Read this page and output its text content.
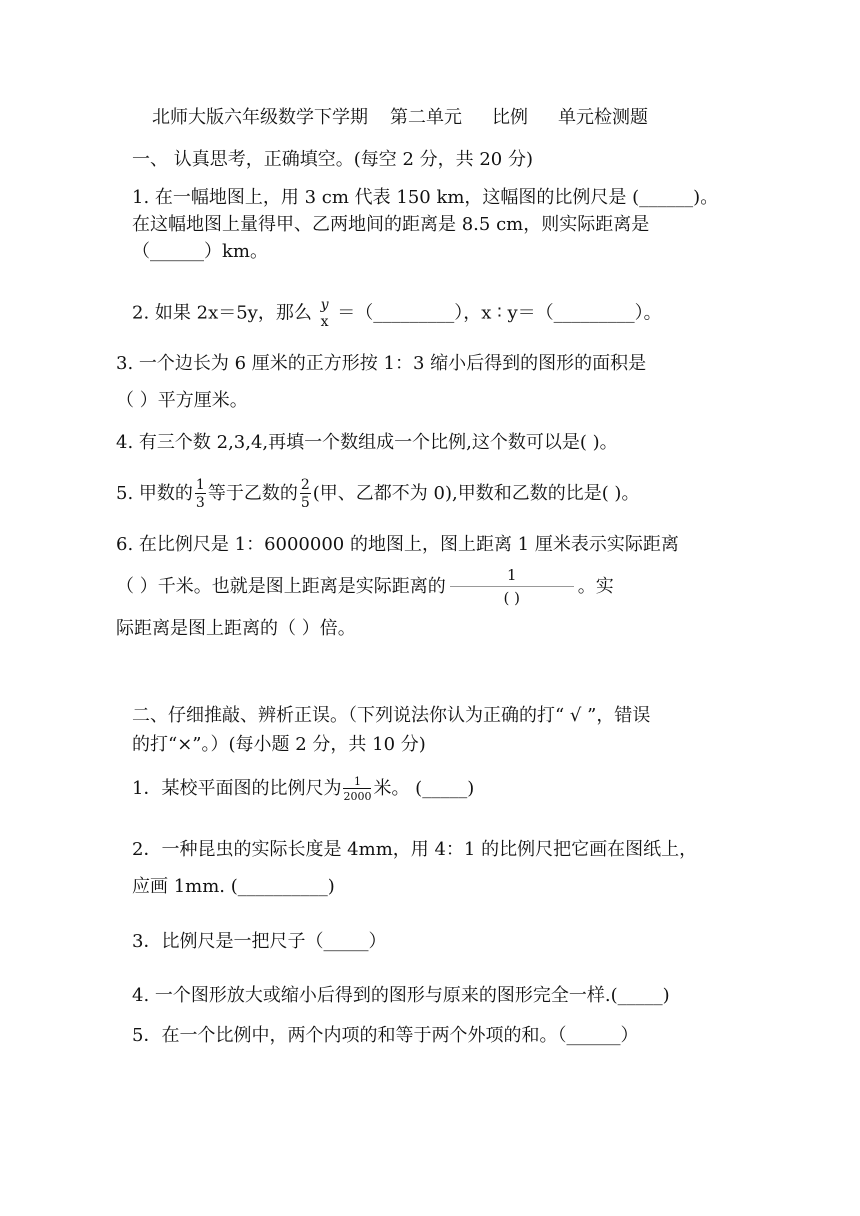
北师大版六年级数学下学期 第二单元 比例 单元检测题
一、 认真思考，正确填空。(每空 2 分，共 20 分)
1. 在一幅地图上，用 3 cm 代表 150 km，这幅图的比例尺是 (______)。
在这幅地图上量得甲、乙两地间的距离是 8.5 cm，则实际距离是
（______）km。
2. 如果 2x＝5y，那么 y
x ＝（_________），x ∶ y＝（_________）。
3. 一个边长为 6 厘米的正方形按 1：3 缩小后得到的图形的面积是
（ ）平方厘米。
4. 有三个数 2,3,4,再填一个数组成一个比例,这个数可以是( )。
5. 甲数的 $\frac{1}{3}$ 等于乙数的 $\frac{2}{5}$ (甲、乙都不为 0),甲数和乙数的比是( )。
6. 在比例尺是 1：6000000 的地图上，图上距离 1 厘米表示实际距离
（ ）千米。也就是图上距离是实际距离的 $\frac{1}{( )}$ 。实
际距离是图上距离的（ ）倍。
二、仔细推敲、辨析正误。（下列说法你认为正确的打“ √ ”，错误
的打“×”。）(每小题 2 分，共 10 分)
1．某校平面图的比例尺为 $\frac{1}{2000}$ 米。 (_____)
2．一种昆虫的实际长度是 4mm，用 4：1 的比例尺把它画在图纸上，
应画 1mm. (__________)
3．比例尺是一把尺子（_____）
4. 一个图形放大或缩小后得到的图形与原来的图形完全一样.(_____)
5．在一个比例中，两个内项的和等于两个外项的和。（______）
